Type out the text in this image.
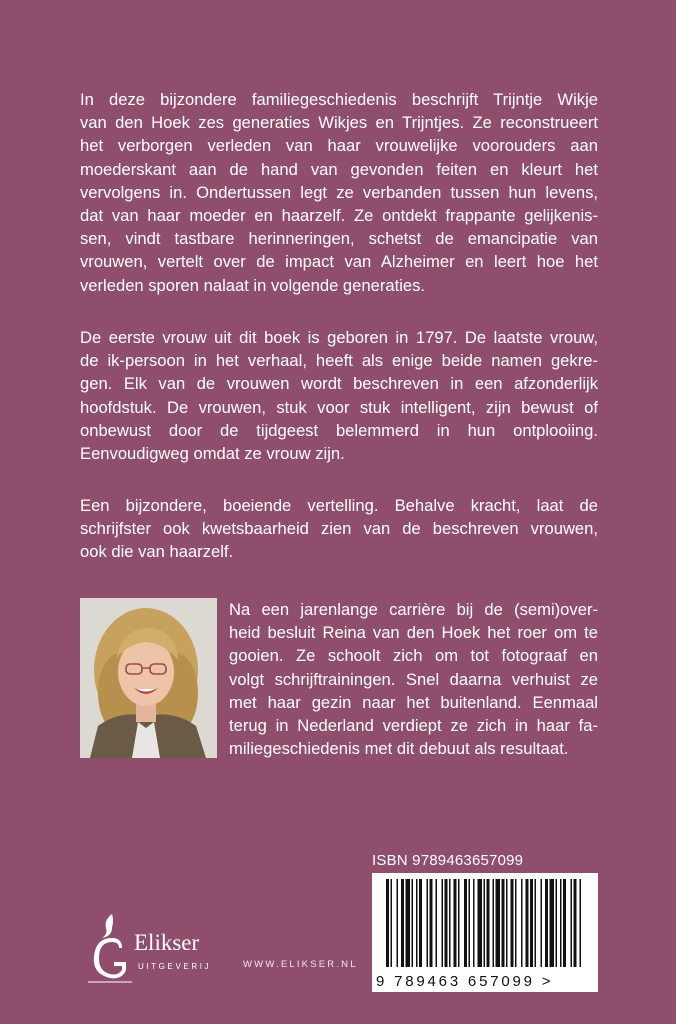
In deze bijzondere familiegeschiedenis beschrijft Trijntje Wikje
van den Hoek zes generaties Wikjes en Trijntjes. Ze reconstrueert
het verborgen verleden van haar vrouwelijke voorouders aan
moederskant aan de hand van gevonden feiten en kleurt het
vervolgens in. Ondertussen legt ze verbanden tussen hun levens,
dat van haar moeder en haarzelf. Ze ontdekt frappante gelijkenis-
sen, vindt tastbare herinneringen, schetst de emancipatie van
vrouwen, vertelt over de impact van Alzheimer en leert hoe het
verleden sporen nalaat in volgende generaties.
De eerste vrouw uit dit boek is geboren in 1797. De laatste vrouw,
de ik-persoon in het verhaal, heeft als enige beide namen gekre-
gen. Elk van de vrouwen wordt beschreven in een afzonderlijk
hoofdstuk. De vrouwen, stuk voor stuk intelligent, zijn bewust of
onbewust door de tijdgeest belemmerd in hun ontplooiing.
Eenvoudigweg omdat ze vrouw zijn.
Een bijzondere, boeiende vertelling. Behalve kracht, laat de
schrijfster ook kwetsbaarheid zien van de beschreven vrouwen,
ook die van haarzelf.
Na een jarenlange carrière bij de (semi)over-
heid besluit Reina van den Hoek het roer om te
gooien. Ze schoolt zich om tot fotograaf en
volgt schrijftrainingen. Snel daarna verhuist ze
met haar gezin naar het buitenland. Eenmaal
terug in Nederland verdiept ze zich in haar fa-
miliegeschiedenis met dit debuut als resultaat.
ISBN 9789463657099
9 789463 657099 >
Elikser
UITGEVERIJ	WWW.ELIKSER.NL
